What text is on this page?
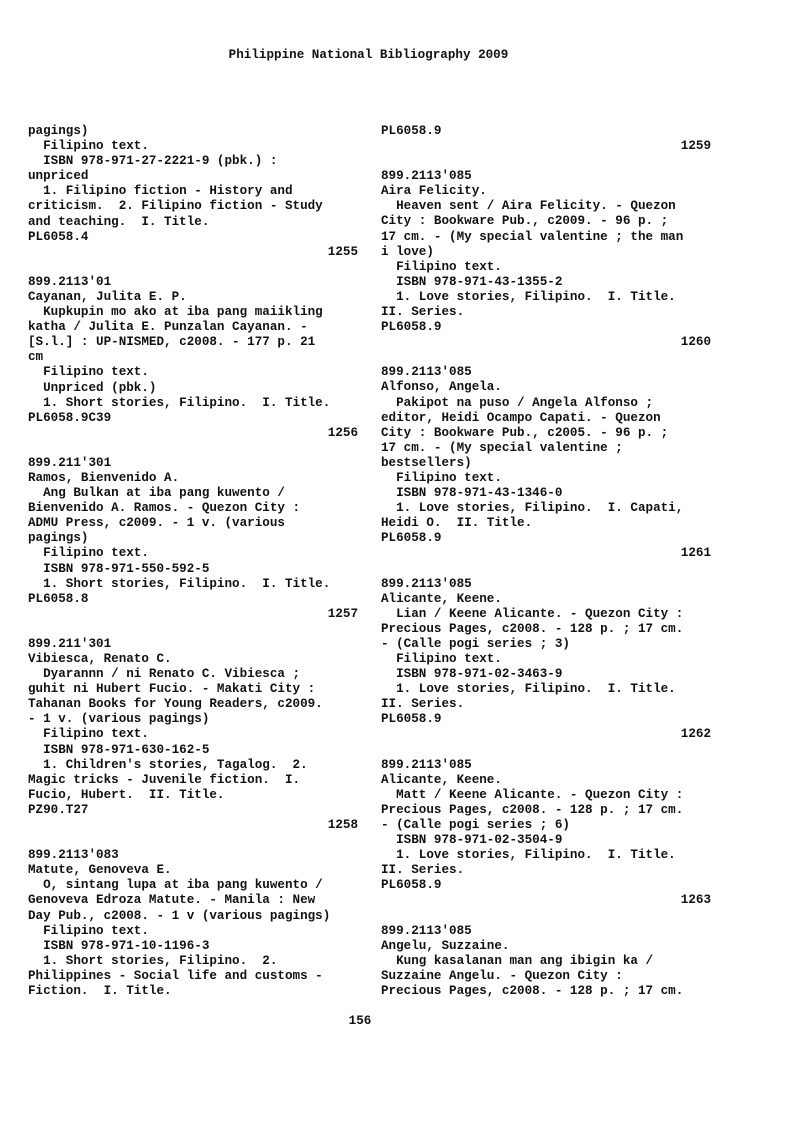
Philippine National Bibliography 2009
pagings)
Filipino text.
ISBN 978-971-27-2221-9 (pbk.) :
unpriced
1. Filipino fiction - History and
criticism.  2. Filipino fiction - Study
and teaching.  I. Title.
PL6058.4
1255
899.2113'01
Cayanan, Julita E. P.
Kupkupin mo ako at iba pang maiikling
katha / Julita E. Punzalan Cayanan. -
[S.l.] : UP-NISMED, c2008. - 177 p. 21
cm
Filipino text.
Unpriced (pbk.)
1. Short stories, Filipino.  I. Title.
PL6058.9C39
1256
899.211'301
Ramos, Bienvenido A.
Ang Bulkan at iba pang kuwento /
Bienvenido A. Ramos. - Quezon City :
ADMU Press, c2009. - 1 v. (various
pagings)
Filipino text.
ISBN 978-971-550-592-5
1. Short stories, Filipino.  I. Title.
PL6058.8
1257
899.211'301
Vibiesca, Renato C.
Dyarannn / ni Renato C. Vibiesca ;
guhit ni Hubert Fucio. - Makati City :
Tahanan Books for Young Readers, c2009.
- 1 v. (various pagings)
Filipino text.
ISBN 978-971-630-162-5
1. Children's stories, Tagalog.  2.
Magic tricks - Juvenile fiction.  I.
Fucio, Hubert.  II. Title.
PZ90.T27
1258
899.2113'083
Matute, Genoveva E.
O, sintang lupa at iba pang kuwento /
Genoveva Edroza Matute. - Manila : New
Day Pub., c2008. - 1 v (various pagings)
Filipino text.
ISBN 978-971-10-1196-3
1. Short stories, Filipino.  2.
Philippines - Social life and customs -
Fiction.  I. Title.
PL6058.9
1259
899.2113'085
Aira Felicity.
Heaven sent / Aira Felicity. - Quezon
City : Bookware Pub., c2009. - 96 p. ;
17 cm. - (My special valentine ; the man
i love)
Filipino text.
ISBN 978-971-43-1355-2
1. Love stories, Filipino.  I. Title.
II. Series.
PL6058.9
1260
899.2113'085
Alfonso, Angela.
Pakipot na puso / Angela Alfonso ;
editor, Heidi Ocampo Capati. - Quezon
City : Bookware Pub., c2005. - 96 p. ;
17 cm. - (My special valentine ;
bestsellers)
Filipino text.
ISBN 978-971-43-1346-0
1. Love stories, Filipino.  I. Capati,
Heidi O.  II. Title.
PL6058.9
1261
899.2113'085
Alicante, Keene.
Lian / Keene Alicante. - Quezon City :
Precious Pages, c2008. - 128 p. ; 17 cm.
- (Calle pogi series ; 3)
Filipino text.
ISBN 978-971-02-3463-9
1. Love stories, Filipino.  I. Title.
II. Series.
PL6058.9
1262
899.2113'085
Alicante, Keene.
Matt / Keene Alicante. - Quezon City :
Precious Pages, c2008. - 128 p. ; 17 cm.
- (Calle pogi series ; 6)
ISBN 978-971-02-3504-9
1. Love stories, Filipino.  I. Title.
II. Series.
PL6058.9
1263
899.2113'085
Angelu, Suzzaine.
Kung kasalanan man ang ibigin ka /
Suzzaine Angelu. - Quezon City :
Precious Pages, c2008. - 128 p. ; 17 cm.
156
